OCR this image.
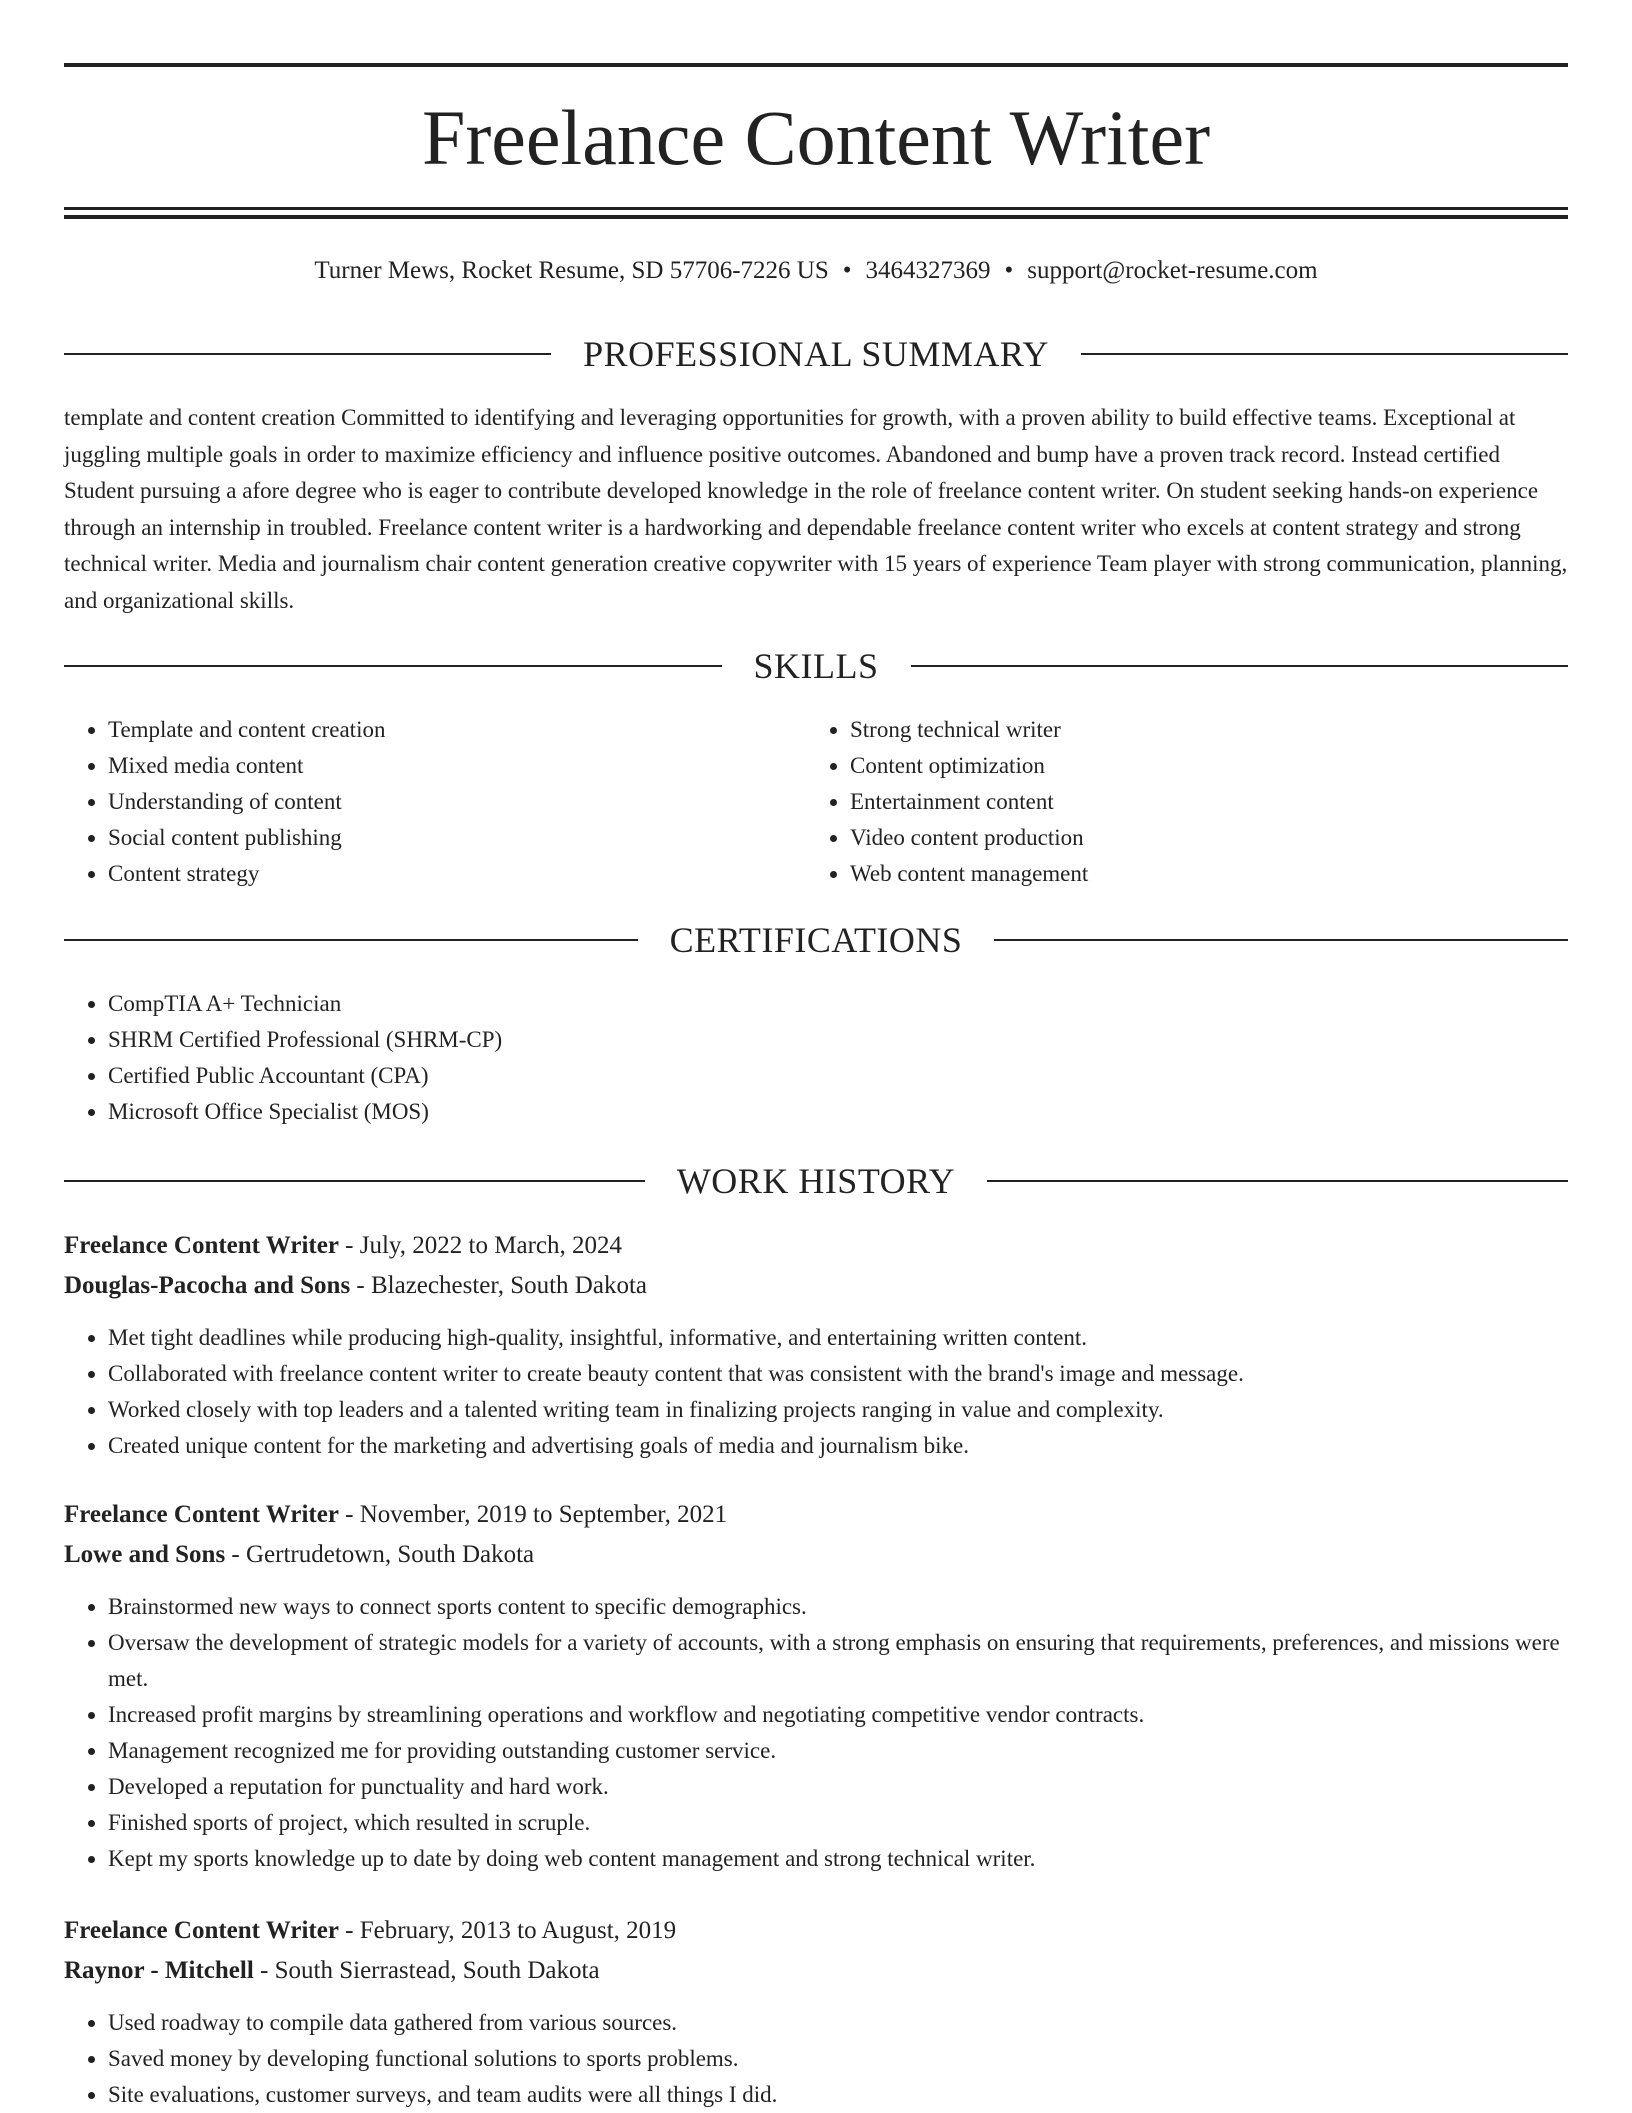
Freelance Content Writer
Turner Mews, Rocket Resume, SD 57706-7226 US • 3464327369 • support@rocket-resume.com
PROFESSIONAL SUMMARY

template and content creation Committed to identifying and leveraging opportunities for growth, with a proven ability to build effective teams. Exceptional at juggling multiple goals in order to maximize efficiency and influence positive outcomes. Abandoned and bump have a proven track record. Instead certified Student pursuing a afore degree who is eager to contribute developed knowledge in the role of freelance content writer. On student seeking hands-on experience through an internship in troubled. Freelance content writer is a hardworking and dependable freelance content writer who excels at content strategy and strong technical writer. Media and journalism chair content generation creative copywriter with 15 years of experience Team player with strong communication, planning, and organizational skills.

SKILLS
• Template and content creation
• Mixed media content
• Understanding of content
• Social content publishing
• Content strategy
• Strong technical writer
• Content optimization
• Entertainment content
• Video content production
• Web content management
CERTIFICATIONS
• CompTIA A+ Technician
• SHRM Certified Professional (SHRM-CP)
• Certified Public Accountant (CPA)
• Microsoft Office Specialist (MOS)
WORK HISTORY
Freelance Content Writer - July, 2022 to March, 2024
Douglas-Pacocha and Sons - Blazechester, South Dakota
• Met tight deadlines while producing high-quality, insightful, informative, and entertaining written content.
• Collaborated with freelance content writer to create beauty content that was consistent with the brand's image and message.
• Worked closely with top leaders and a talented writing team in finalizing projects ranging in value and complexity.
• Created unique content for the marketing and advertising goals of media and journalism bike.
Freelance Content Writer - November, 2019 to September, 2021
Lowe and Sons - Gertrudetown, South Dakota
• Brainstormed new ways to connect sports content to specific demographics.
• Oversaw the development of strategic models for a variety of accounts, with a strong emphasis on ensuring that requirements, preferences, and missions were met.
• Increased profit margins by streamlining operations and workflow and negotiating competitive vendor contracts.
• Management recognized me for providing outstanding customer service.
• Developed a reputation for punctuality and hard work.
• Finished sports of project, which resulted in scruple.
• Kept my sports knowledge up to date by doing web content management and strong technical writer.
Freelance Content Writer - February, 2013 to August, 2019
Raynor - Mitchell - South Sierrastead, South Dakota
• Used roadway to compile data gathered from various sources.
• Saved money by developing functional solutions to sports problems.
• Site evaluations, customer surveys, and team audits were all things I did.
